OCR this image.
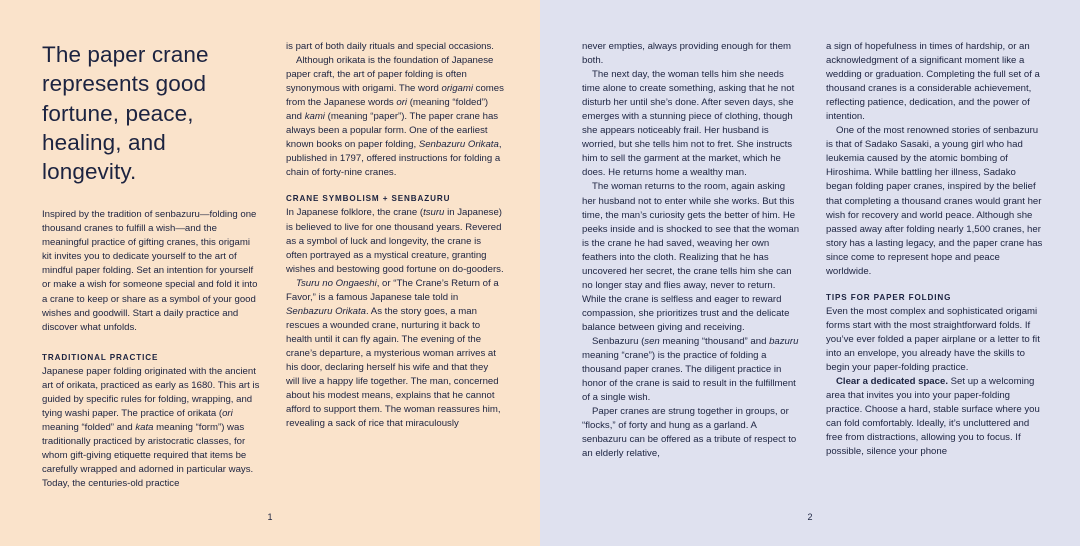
The paper crane represents good fortune, peace, healing, and longevity.

Inspired by the tradition of senbazuru—folding one thousand cranes to fulfill a wish—and the meaningful practice of gifting cranes, this origami kit invites you to dedicate yourself to the art of mindful paper folding. Set an intention for yourself or make a wish for someone special and fold it into a crane to keep or share as a symbol of your good wishes and goodwill. Start a daily practice and discover what unfolds.

TRADITIONAL PRACTICE

Japanese paper folding originated with the ancient art of orikata, practiced as early as 1680. This art is guided by specific rules for folding, wrapping, and tying washi paper. The practice of orikata (ori meaning “folded” and kata meaning “form”) was traditionally practiced by aristocratic classes, for whom gift-giving etiquette required that items be carefully wrapped and adorned in particular ways. Today, the centuries-old practice

is part of both daily rituals and special occasions.

Although orikata is the foundation of Japanese paper craft, the art of paper folding is often synonymous with origami. The word origami comes from the Japanese words ori (meaning “folded”) and kami (meaning “paper”). The paper crane has always been a popular form. One of the earliest known books on paper folding, Senbazuru Orikata, published in 1797, offered instructions for folding a chain of forty-nine cranes.

CRANE SYMBOLISM + SENBAZURU

In Japanese folklore, the crane (tsuru in Japanese) is believed to live for one thousand years. Revered as a symbol of luck and longevity, the crane is often portrayed as a mystical creature, granting wishes and bestowing good fortune on do-gooders.

Tsuru no Ongaeshi, or “The Crane’s Return of a Favor,” is a famous Japanese tale told in Senbazuru Orikata. As the story goes, a man rescues a wounded crane, nurturing it back to health until it can fly again. The evening of the crane’s departure, a mysterious woman arrives at his door, declaring herself his wife and that they will live a happy life together. The man, concerned about his modest means, explains that he cannot afford to support them. The woman reassures him, revealing a sack of rice that miraculously

1

never empties, always providing enough for them both.

The next day, the woman tells him she needs time alone to create something, asking that he not disturb her until she’s done. After seven days, she emerges with a stunning piece of clothing, though she appears noticeably frail. Her husband is worried, but she tells him not to fret. She instructs him to sell the garment at the market, which he does. He returns home a wealthy man.

The woman returns to the room, again asking her husband not to enter while she works. But this time, the man’s curiosity gets the better of him. He peeks inside and is shocked to see that the woman is the crane he had saved, weaving her own feathers into the cloth. Realizing that he has uncovered her secret, the crane tells him she can no longer stay and flies away, never to return. While the crane is selfless and eager to reward compassion, she prioritizes trust and the delicate balance between giving and receiving.

Senbazuru (sen meaning “thousand” and bazuru meaning “crane”) is the practice of folding a thousand paper cranes. The diligent practice in honor of the crane is said to result in the fulfillment of a single wish.

Paper cranes are strung together in groups, or “flocks,” of forty and hung as a garland. A senbazuru can be offered as a tribute of respect to an elderly relative,

a sign of hopefulness in times of hardship, or an acknowledgment of a significant moment like a wedding or graduation. Completing the full set of a thousand cranes is a considerable achievement, reflecting patience, dedication, and the power of intention.

One of the most renowned stories of senbazuru is that of Sadako Sasaki, a young girl who had leukemia caused by the atomic bombing of Hiroshima. While battling her illness, Sadako began folding paper cranes, inspired by the belief that completing a thousand cranes would grant her wish for recovery and world peace. Although she passed away after folding nearly 1,500 cranes, her story has a lasting legacy, and the paper crane has since come to represent hope and peace worldwide.

TIPS FOR PAPER FOLDING

Even the most complex and sophisticated origami forms start with the most straightforward folds. If you’ve ever folded a paper airplane or a letter to fit into an envelope, you already have the skills to begin your paper-folding practice.

Clear a dedicated space. Set up a welcoming area that invites you into your paper-folding practice. Choose a hard, stable surface where you can fold comfortably. Ideally, it’s uncluttered and free from distractions, allowing you to focus. If possible, silence your phone

2
